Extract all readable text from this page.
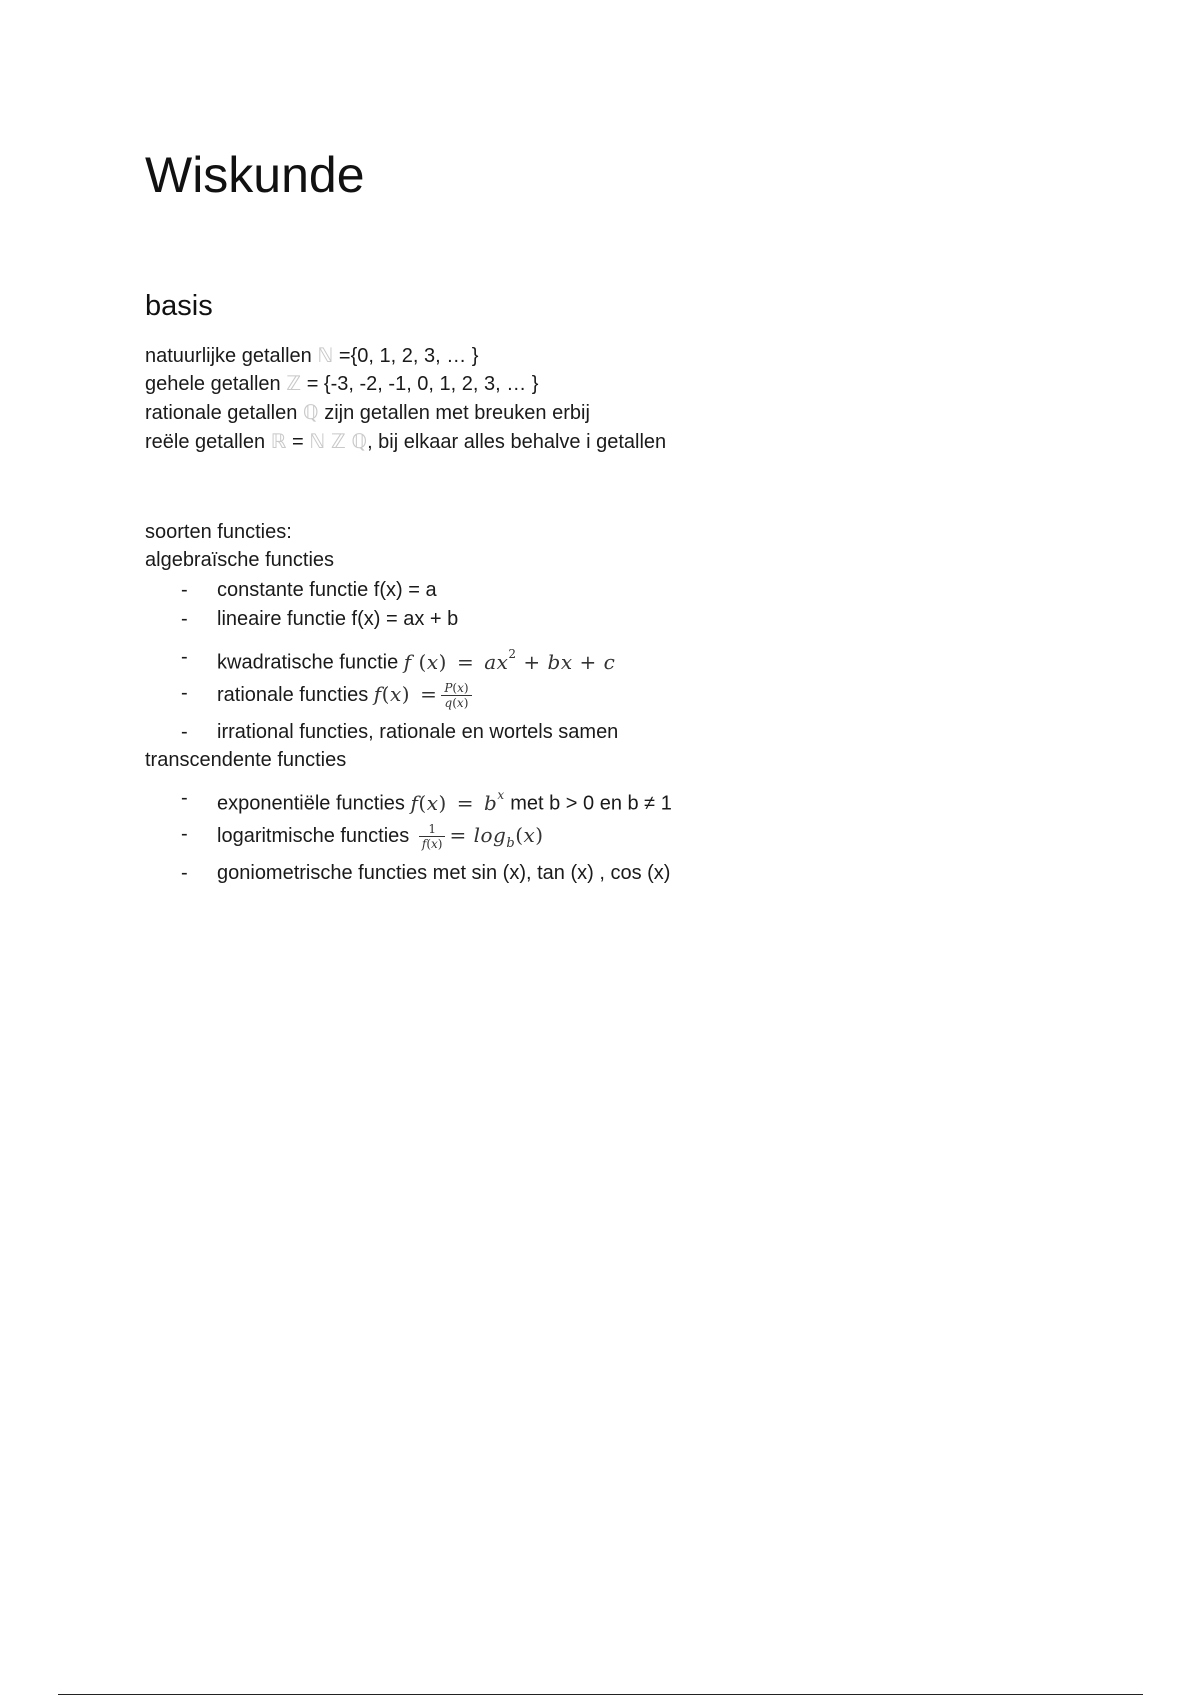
Wiskunde
basis
natuurlijke getallen ℕ ={0, 1, 2, 3, … }
gehele getallen ℤ = {-3, -2, -1, 0, 1, 2, 3, … }
rationale getallen ℚ zijn getallen met breuken erbij
reële getallen ℝ = ℕ ℤ ℚ, bij elkaar alles behalve i getallen
soorten functies:
algebraïsche functies
- constante functie f(x) = a
- lineaire functie f(x) = ax + b
- kwadratische functie f $(x) = ax^2$ + bx + c
- rationale functies $f(x) = \frac{P(x)}{q(x)}$
- irrational functies, rationale en wortels samen
transcendente functies
- exponentiële functies $f(x) = b^x$ met b > 0 en b ≠ 1
- logaritmische functies $\frac{1}{f(x)} = \log_b(x)$
- goniometrische functies met sin (x), tan (x) , cos (x)
